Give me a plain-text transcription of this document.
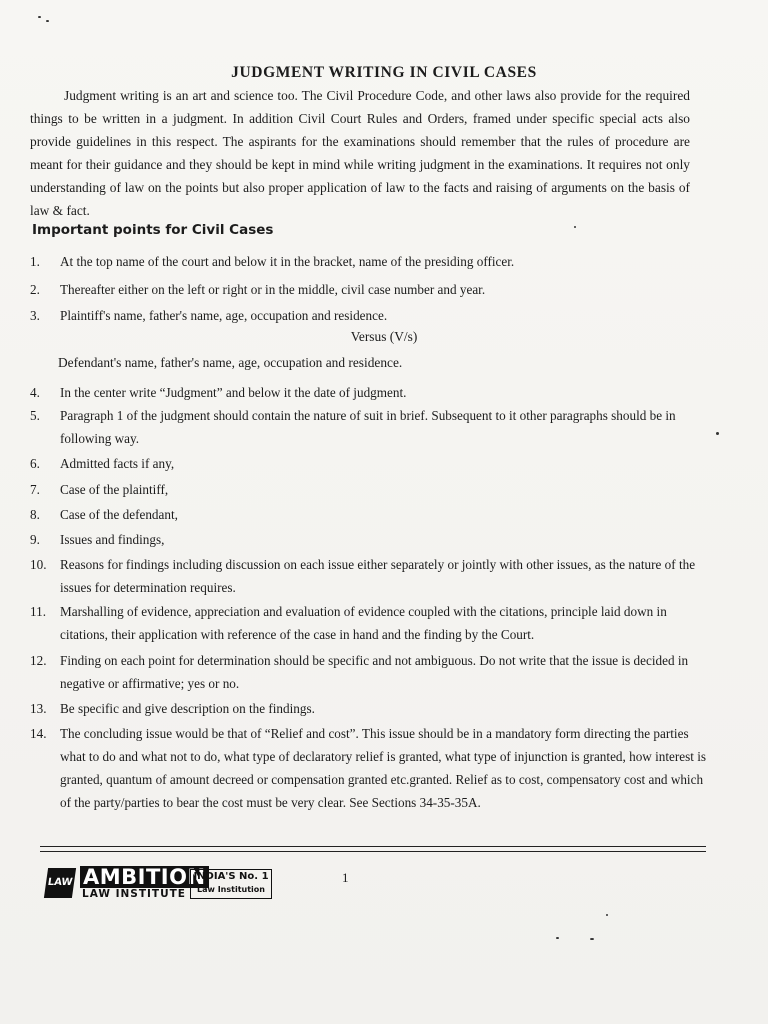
JUDGMENT WRITING IN CIVIL CASES

Judgment writing is an art and science too. The Civil Procedure Code, and other laws also provide for the required things to be written in a judgment. In addition Civil Court Rules and Orders, framed under specific special acts also provide guidelines in this respect. The aspirants for the examinations should remember that the rules of procedure are meant for their guidance and they should be kept in mind while writing judgment in the examinations. It requires not only understanding of law on the points but also proper application of law to the facts and raising of arguments on the basis of law & fact.

Important points for Civil Cases
1.	At the top name of the court and below it in the bracket, name of the presiding officer.
2.	Thereafter either on the left or right or in the middle, civil case number and year.
3.	Plaintiff's name, father's name, age, occupation and residence.
Versus (V/s)
Defendant's name, father's name, age, occupation and residence.
4.	In the center write “Judgment” and below it the date of judgment.
5.	Paragraph 1 of the judgment should contain the nature of suit in brief. Subsequent to it other paragraphs should be in following way.
6.	Admitted facts if any,
7.	Case of the plaintiff,
8.	Case of the defendant,
9.	Issues and findings,
10.	Reasons for findings including discussion on each issue either separately or jointly with other issues, as the nature of the issues for determination requires.
11.	Marshalling of evidence, appreciation and evaluation of evidence coupled with the citations, principle laid down in citations, their application with reference of the case in hand and the finding by the Court.
12.	Finding on each point for determination should be specific and not ambiguous. Do not write that the issue is decided in negative or affirmative; yes or no.
13.	Be specific and give description on the findings.
14.	The concluding issue would be that of “Relief and cost”. This issue should be in a mandatory form directing the parties what to do and what not to do, what type of declaratory relief is granted, what type of injunction is granted, how interest is granted, quantum of amount decreed or compensation granted etc.granted. Relief as to cost, compensatory cost and which of the party/parties to bear the cost must be very clear. See Sections 34-35-35A.
LAW AMBITION
LAW INSTITUTE
INDIA'S No. 1
Law Institution
1
